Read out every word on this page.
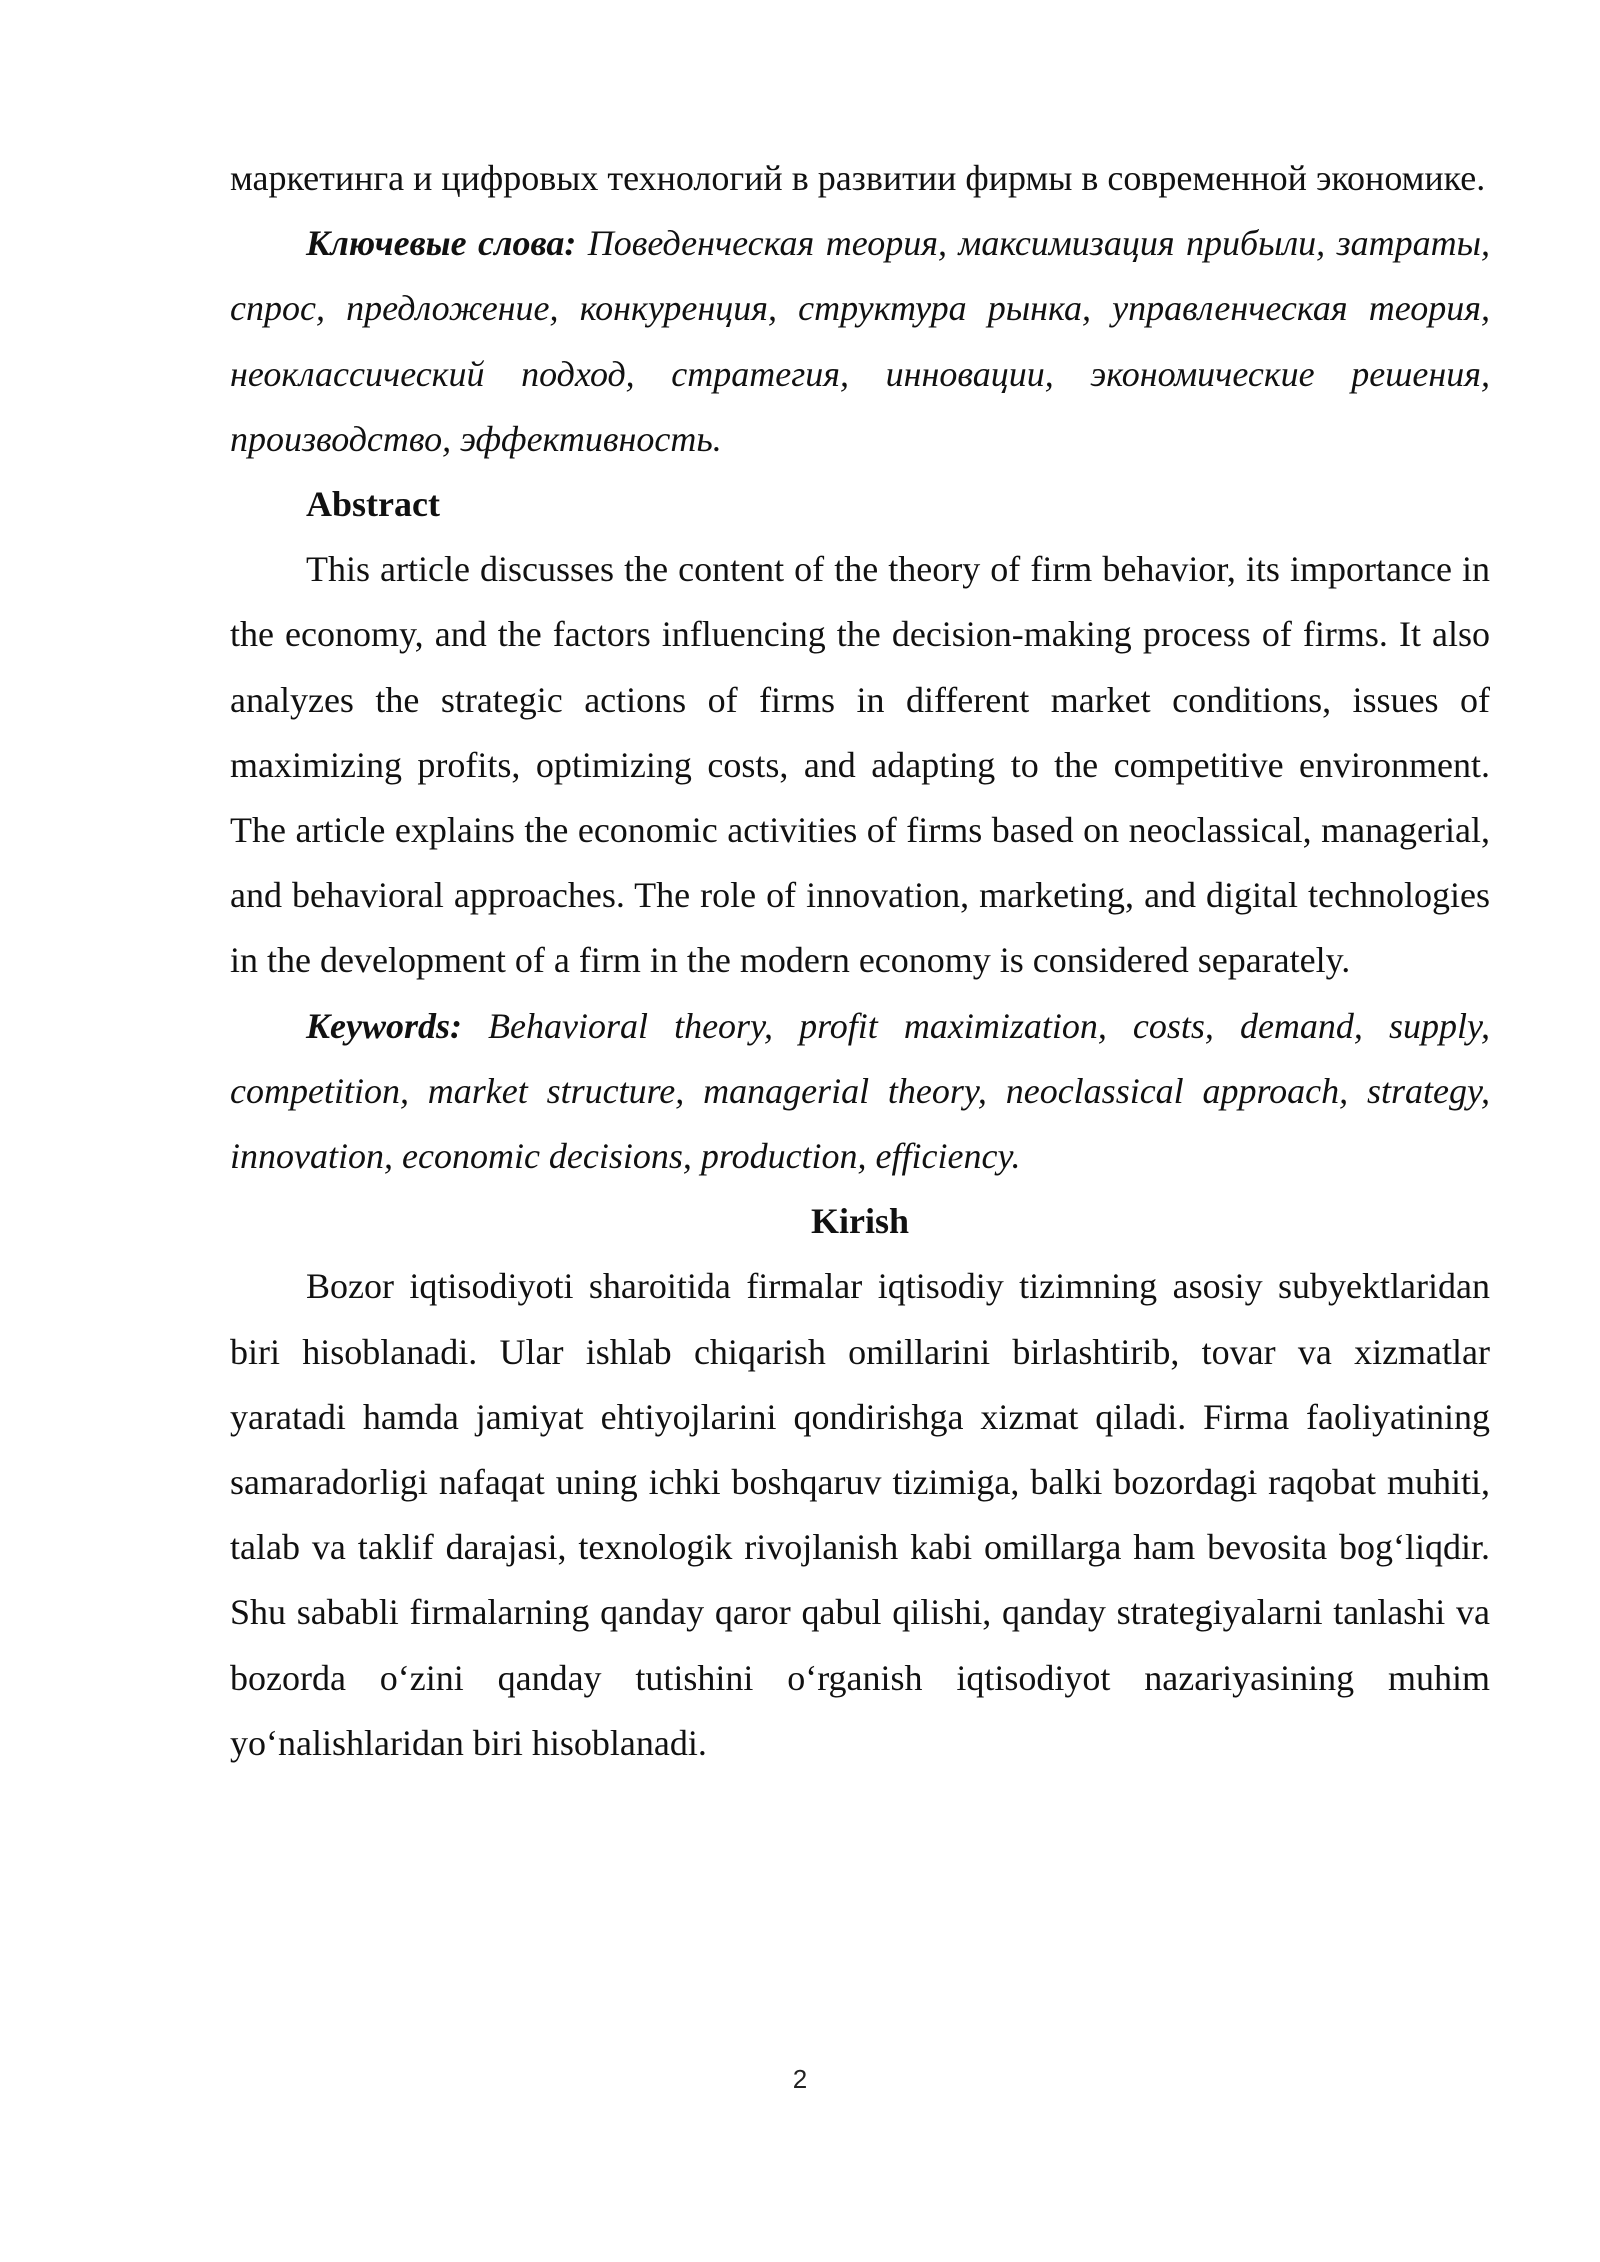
маркетинга и цифровых технологий в развитии фирмы в современной экономике.

Ключевые слова: Поведенческая теория, максимизация прибыли, затраты, спрос, предложение, конкуренция, структура рынка, управленческая теория, неоклассический подход, стратегия, инновации, экономические решения, производство, эффективность.

Abstract

This article discusses the content of the theory of firm behavior, its importance in the economy, and the factors influencing the decision-making process of firms. It also analyzes the strategic actions of firms in different market conditions, issues of maximizing profits, optimizing costs, and adapting to the competitive environment. The article explains the economic activities of firms based on neoclassical, managerial, and behavioral approaches. The role of innovation, marketing, and digital technologies in the development of a firm in the modern economy is considered separately.

Keywords: Behavioral theory, profit maximization, costs, demand, supply, competition, market structure, managerial theory, neoclassical approach, strategy, innovation, economic decisions, production, efficiency.

Kirish

Bozor iqtisodiyoti sharoitida firmalar iqtisodiy tizimning asosiy subyektlaridan biri hisoblanadi. Ular ishlab chiqarish omillarini birlashtirib, tovar va xizmatlar yaratadi hamda jamiyat ehtiyojlarini qondirishga xizmat qiladi. Firma faoliyatining samaradorligi nafaqat uning ichki boshqaruv tizimiga, balki bozordagi raqobat muhiti, talab va taklif darajasi, texnologik rivojlanish kabi omillarga ham bevosita bog‘liqdir. Shu sababli firmalarning qanday qaror qabul qilishi, qanday strategiyalarni tanlashi va bozorda o‘zini qanday tutishini o‘rganish iqtisodiyot nazariyasining muhim yo‘nalishlaridan biri hisoblanadi.

2
